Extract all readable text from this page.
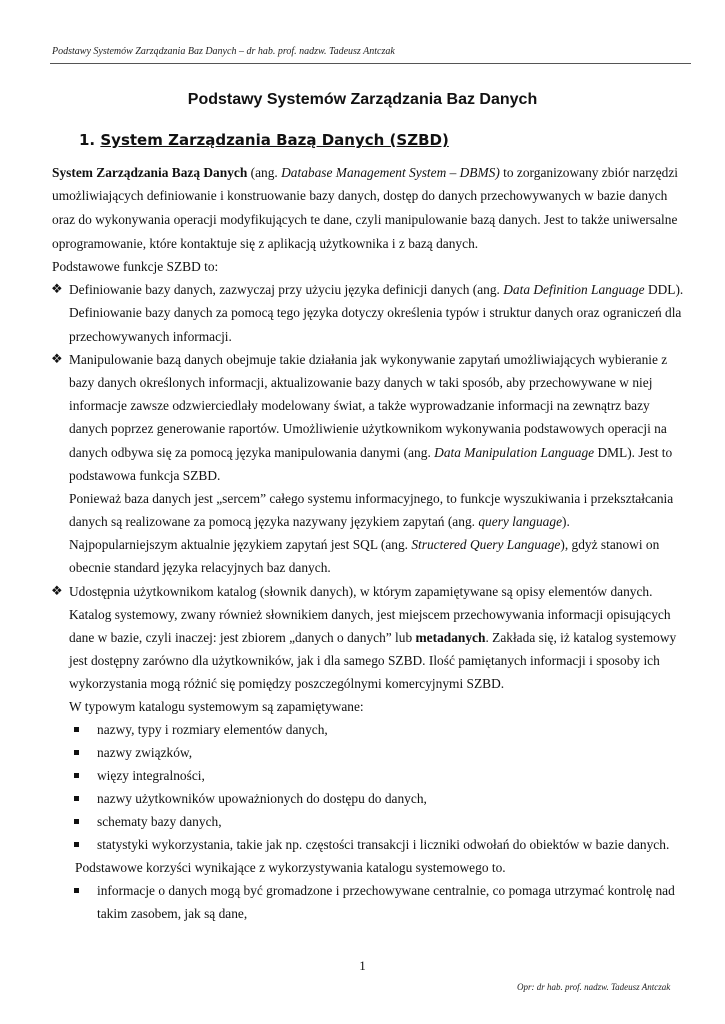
Podstawy Systemów Zarządzania Baz Danych – dr hab. prof. nadzw. Tadeusz Antczak
Podstawy Systemów Zarządzania Baz Danych
1. System Zarządzania Bazą Danych (SZBD)
System Zarządzania Bazą Danych (ang. Database Management System – DBMS) to zorganizowany zbiór narzędzi
umożliwiających definiowanie i konstruowanie bazy danych, dostęp do danych przechowywanych w bazie danych
oraz do wykonywania operacji modyfikujących te dane, czyli manipulowanie bazą danych. Jest to także uniwersalne
oprogramowanie, które kontaktuje się z aplikacją użytkownika i z bazą danych.
Podstawowe funkcje SZBD to:
❖ Definiowanie bazy danych, zazwyczaj przy użyciu języka definicji danych (ang. Data Definition Language DDL).
Definiowanie bazy danych za pomocą tego języka dotyczy określenia typów i struktur danych oraz ograniczeń dla
przechowywanych informacji.
❖ Manipulowanie bazą danych obejmuje takie działania jak wykonywanie zapytań umożliwiających wybieranie z
bazy danych określonych informacji, aktualizowanie bazy danych w taki sposób, aby przechowywane w niej
informacje zawsze odzwierciedlały modelowany świat, a także wyprowadzanie informacji na zewnątrz bazy
danych poprzez generowanie raportów. Umożliwienie użytkownikom wykonywania podstawowych operacji na
danych odbywa się za pomocą języka manipulowania danymi (ang. Data Manipulation Language DML). Jest to
podstawowa funkcja SZBD.
Ponieważ baza danych jest „sercem” całego systemu informacyjnego, to funkcje wyszukiwania i przekształcania
danych są realizowane za pomocą języka nazywany językiem zapytań (ang. query language).
Najpopularniejszym aktualnie językiem zapytań jest SQL (ang. Structered Query Language), gdyż stanowi on
obecnie standard języka relacyjnych baz danych.
❖ Udostępnia użytkownikom katalog (słownik danych), w którym zapamiętywane są opisy elementów danych.
Katalog systemowy, zwany również słownikiem danych, jest miejscem przechowywania informacji opisujących
dane w bazie, czyli inaczej: jest zbiorem „danych o danych” lub metadanych. Zakłada się, iż katalog systemowy
jest dostępny zarówno dla użytkowników, jak i dla samego SZBD. Ilość pamiętanych informacji i sposoby ich
wykorzystania mogą różnić się pomiędzy poszczególnymi komercyjnymi SZBD.
W typowym katalogu systemowym są zapamiętywane:
nazwy, typy i rozmiary elementów danych,
nazwy związków,
więzy integralności,
nazwy użytkowników upoważnionych do dostępu do danych,
schematy bazy danych,
statystyki wykorzystania, takie jak np. częstości transakcji i liczniki odwołań do obiektów w bazie danych.
Podstawowe korzyści wynikające z wykorzystywania katalogu systemowego to.
informacje o danych mogą być gromadzone i przechowywane centralnie, co pomaga utrzymać kontrolę nad
takim zasobem, jak są dane,
1
Opr: dr hab. prof. nadzw. Tadeusz Antczak
